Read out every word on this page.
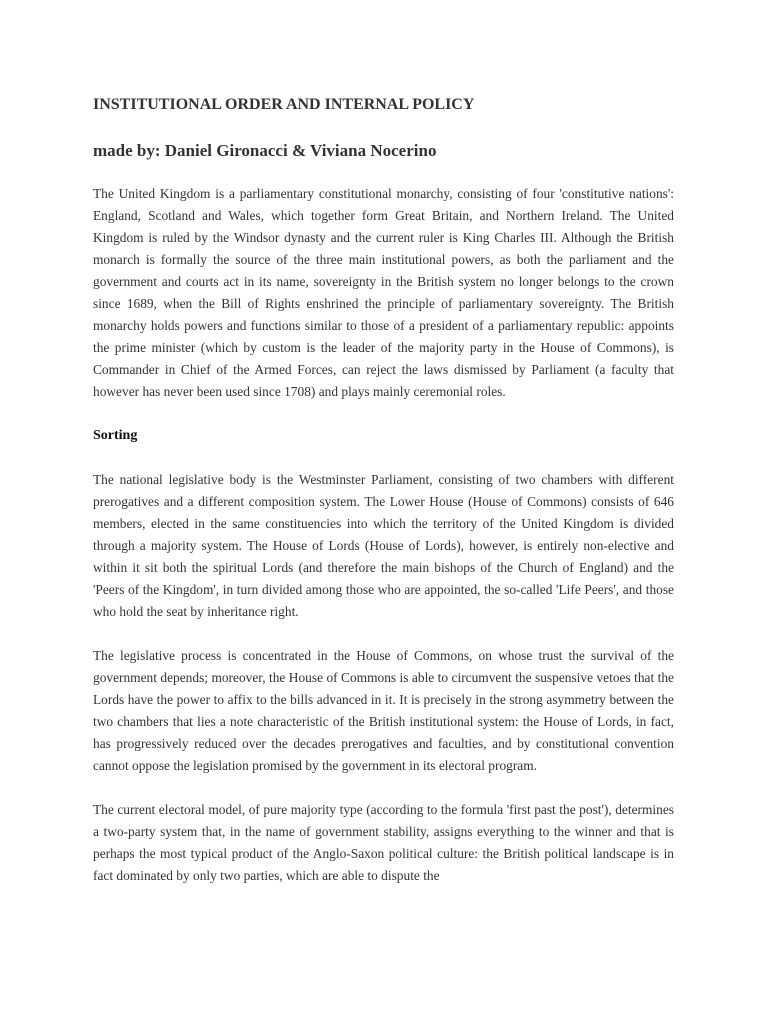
INSTITUTIONAL ORDER AND INTERNAL POLICY
made by: Daniel Gironacci & Viviana Nocerino

The United Kingdom is a parliamentary constitutional monarchy, consisting of four 'constitutive nations': England, Scotland and Wales, which together form Great Britain, and Northern Ireland. The United Kingdom is ruled by the Windsor dynasty and the current ruler is King Charles III. Although the British monarch is formally the source of the three main institutional powers, as both the parliament and the government and courts act in its name, sovereignty in the British system no longer belongs to the crown since 1689, when the Bill of Rights enshrined the principle of parliamentary sovereignty. The British monarchy holds powers and functions similar to those of a president of a parliamentary republic: appoints the prime minister (which by custom is the leader of the majority party in the House of Commons), is Commander in Chief of the Armed Forces, can reject the laws dismissed by Parliament (a faculty that however has never been used since 1708) and plays mainly ceremonial roles.

Sorting

The national legislative body is the Westminster Parliament, consisting of two chambers with different prerogatives and a different composition system. The Lower House (House of Commons) consists of 646 members, elected in the same constituencies into which the territory of the United Kingdom is divided through a majority system. The House of Lords (House of Lords), however, is entirely non-elective and within it sit both the spiritual Lords (and therefore the main bishops of the Church of England) and the 'Peers of the Kingdom', in turn divided among those who are appointed, the so-called 'Life Peers', and those who hold the seat by inheritance right.

The legislative process is concentrated in the House of Commons, on whose trust the survival of the government depends; moreover, the House of Commons is able to circumvent the suspensive vetoes that the Lords have the power to affix to the bills advanced in it. It is precisely in the strong asymmetry between the two chambers that lies a note characteristic of the British institutional system: the House of Lords, in fact, has progressively reduced over the decades prerogatives and faculties, and by constitutional convention cannot oppose the legislation promised by the government in its electoral program.

The current electoral model, of pure majority type (according to the formula 'first past the post'), determines a two-party system that, in the name of government stability, assigns everything to the winner and that is perhaps the most typical product of the Anglo-Saxon political culture: the British political landscape is in fact dominated by only two parties, which are able to dispute the
